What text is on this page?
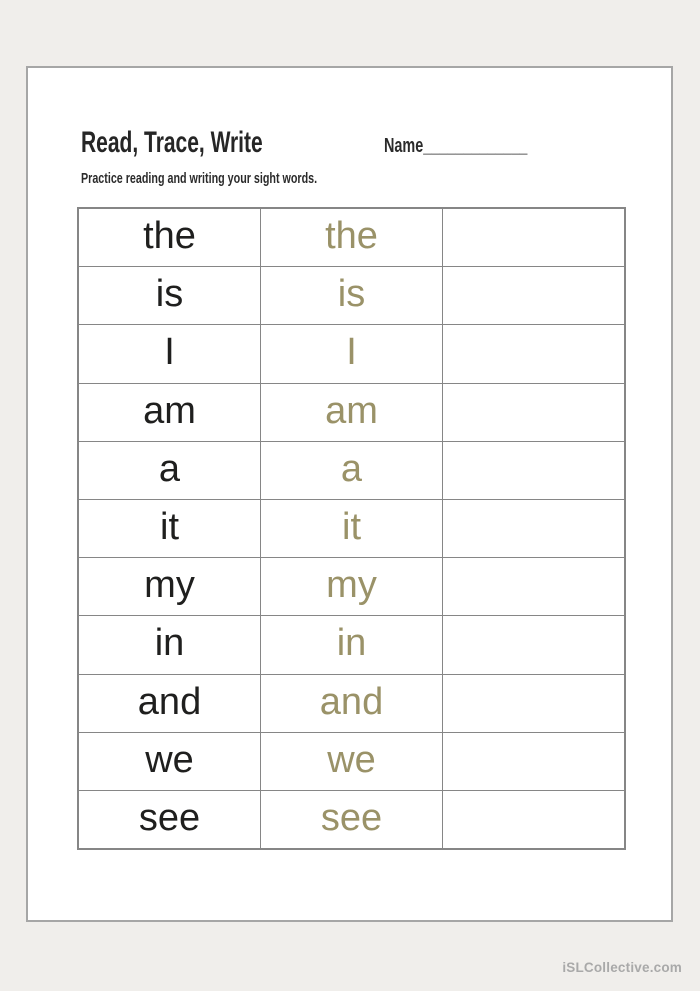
Read, Trace, Write	Name_____________
Practice reading and writing your sight words.
the	the
is	is
I	I
am	am
a	a
it	it
my	my
in	in
and	and
we	we
see	see
iSLCollective.com
